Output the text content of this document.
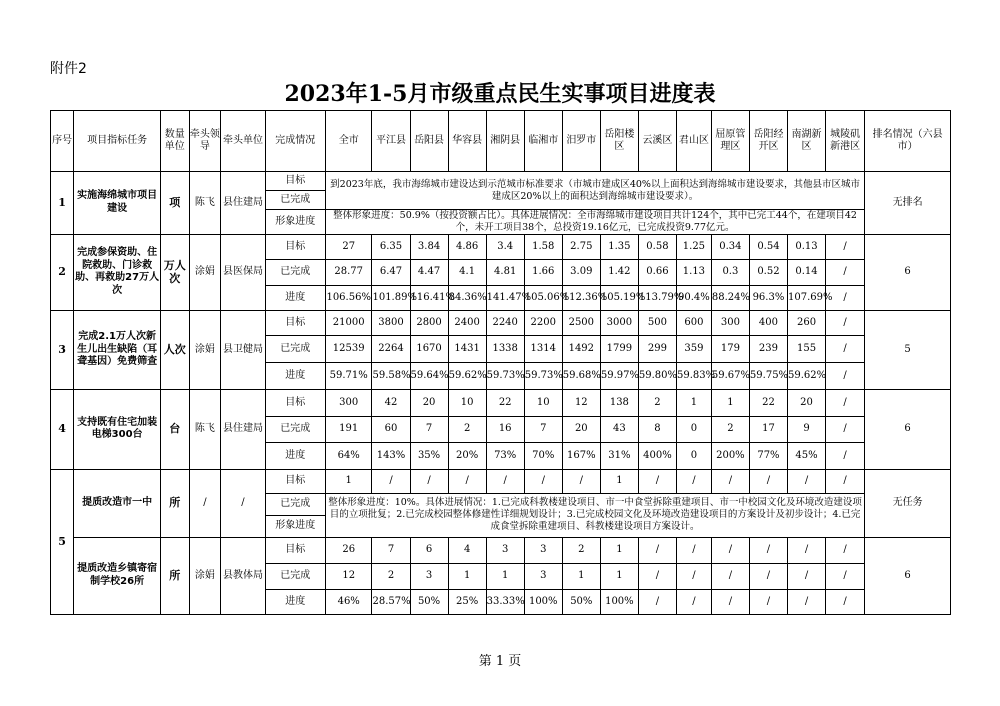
附件2
2023年1-5月市级重点民生实事项目进度表
序号	项目指标任务	数量单位	牵头领导	牵头单位	完成情况	全市	平江县	岳阳县	华容县	湘阴县	临湘市	汨罗市	岳阳楼区	云溪区	君山区	屈原管理区	岳阳经开区	南湖新区	城陵矶新港区	排名情况（六县市）
1	实施海绵城市项目建设	项	陈飞	县住建局	目标	到2023年底，我市海绵城市建设达到示范城市标准要求（市城市建成区40%以上面积达到海绵城市建设要求，其他县市区城市建成区20%以上的面积达到海绵城市建设要求）。														无排名
					已完成															
					形象进度	整体形象进度：50.9%（按投资额占比）。具体进展情况：全市海绵城市建设项目共计124个，其中已完工44个，在建项目42个，未开工项目38个，总投资19.16亿元，已完成投资9.77亿元。														
2	完成参保资助、住院救助、门诊救助、再救助27万人次	万人次	涂娟	县医保局	目标	27	6.35	3.84	4.86	3.4	1.58	2.75	1.35	0.58	1.25	0.34	0.54	0.13	/	6
					已完成	28.77	6.47	4.47	4.1	4.81	1.66	3.09	1.42	0.66	1.13	0.3	0.52	0.14	/	
					进度	106.56%	101.89%	116.41%	84.36%	141.47%	105.06%	112.36%	105.19%	113.79%	90.4%	88.24%	96.3%	107.69%	/	
3	完成2.1万人次新生儿出生缺陷（耳聋基因）免费筛查	人次	涂娟	县卫健局	目标	21000	3800	2800	2400	2240	2200	2500	3000	500	600	300	400	260	/	5
					已完成	12539	2264	1670	1431	1338	1314	1492	1799	299	359	179	239	155	/	
					进度	59.71%	59.58%	59.64%	59.62%	59.73%	59.73%	59.68%	59.97%	59.80%	59.83%	59.67%	59.75%	59.62%	/	
4	支持既有住宅加装电梯300台	台	陈飞	县住建局	目标	300	42	20	10	22	10	12	138	2	1	1	22	20	/	6
					已完成	191	60	7	2	16	7	20	43	8	0	2	17	9	/	
					进度	64%	143%	35%	20%	73%	70%	167%	31%	400%	0	200%	77%	45%	/	
5	提质改造市一中	所	/	/	目标	1	/	/	/	/	/	/	1	/	/	/	/	/	/	无任务
					已完成	整体形象进度：10%。具体进展情况：1.已完成科教楼建设项目、市一中食堂拆除重建项目、市一中校园文化及环境改造建设项目的立项批复；2.已完成校园整体修建性详细规划设计；3.已完成校园文化及环境改造建设项目的方案设计及初步设计；4.已完成食堂拆除重建项目、科教楼建设项目方案设计。														
					形象进度															
	提质改造乡镇寄宿制学校26所	所	涂娟	县教体局	目标	26	7	6	4	3	3	2	1	/	/	/	/	/	/	6
					已完成	12	2	3	1	1	3	1	1	/	/	/	/	/	/	
					进度	46%	28.57%	50%	25%	33.33%	100%	50%	100%	/	/	/	/	/	/	
第 1 页
